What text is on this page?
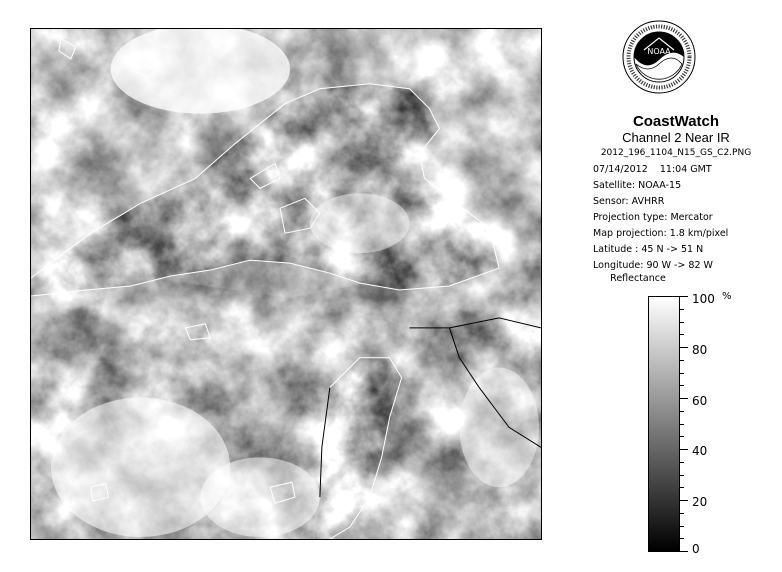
NOAA
CoastWatch
Channel 2 Near IR
2012_196_1104_N15_GS_C2.PNG
07/14/2012 11:04 GMT
Satellite: NOAA-15
Sensor: AVHRR
Projection type: Mercator
Map projection: 1.8 km/pixel
Latitude : 45 N -> 51 N
Longitude: 90 W -> 82 W
Reflectance
%
100
80
60
40
20
0
